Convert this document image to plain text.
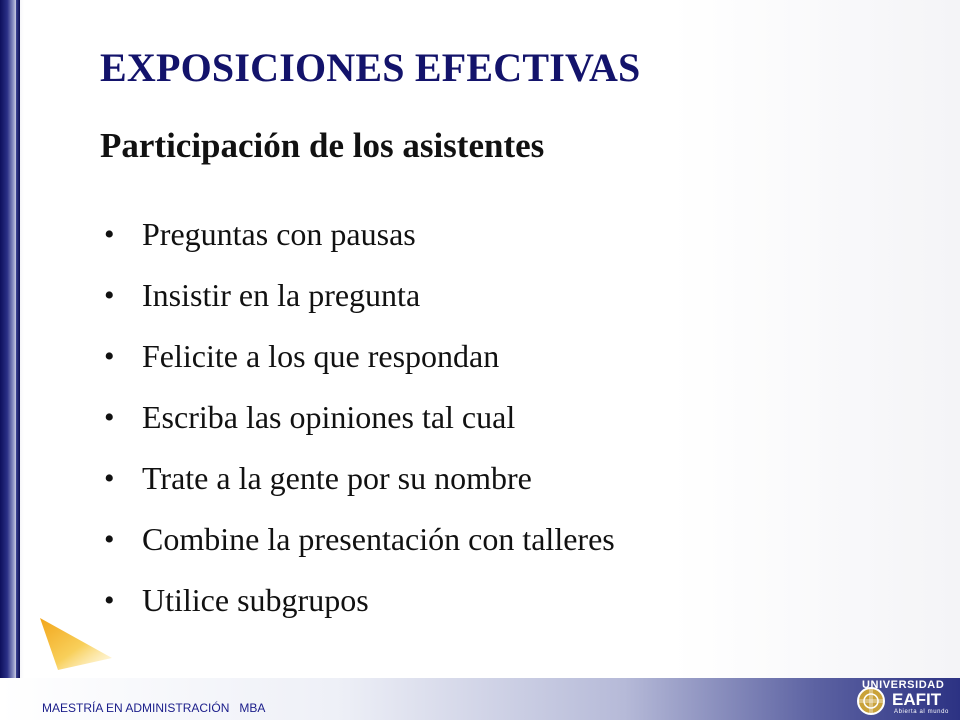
EXPOSICIONES EFECTIVAS
Participación de los asistentes
• Preguntas con pausas
• Insistir en la pregunta
• Felicite a los que respondan
• Escriba las opiniones tal cual
• Trate a la gente por su nombre
• Combine la presentación con talleres
• Utilice subgrupos
MAESTRÍA EN ADMINISTRACIÓN   MBA
UNIVERSIDAD
EAFIT
Abierta al mundo
